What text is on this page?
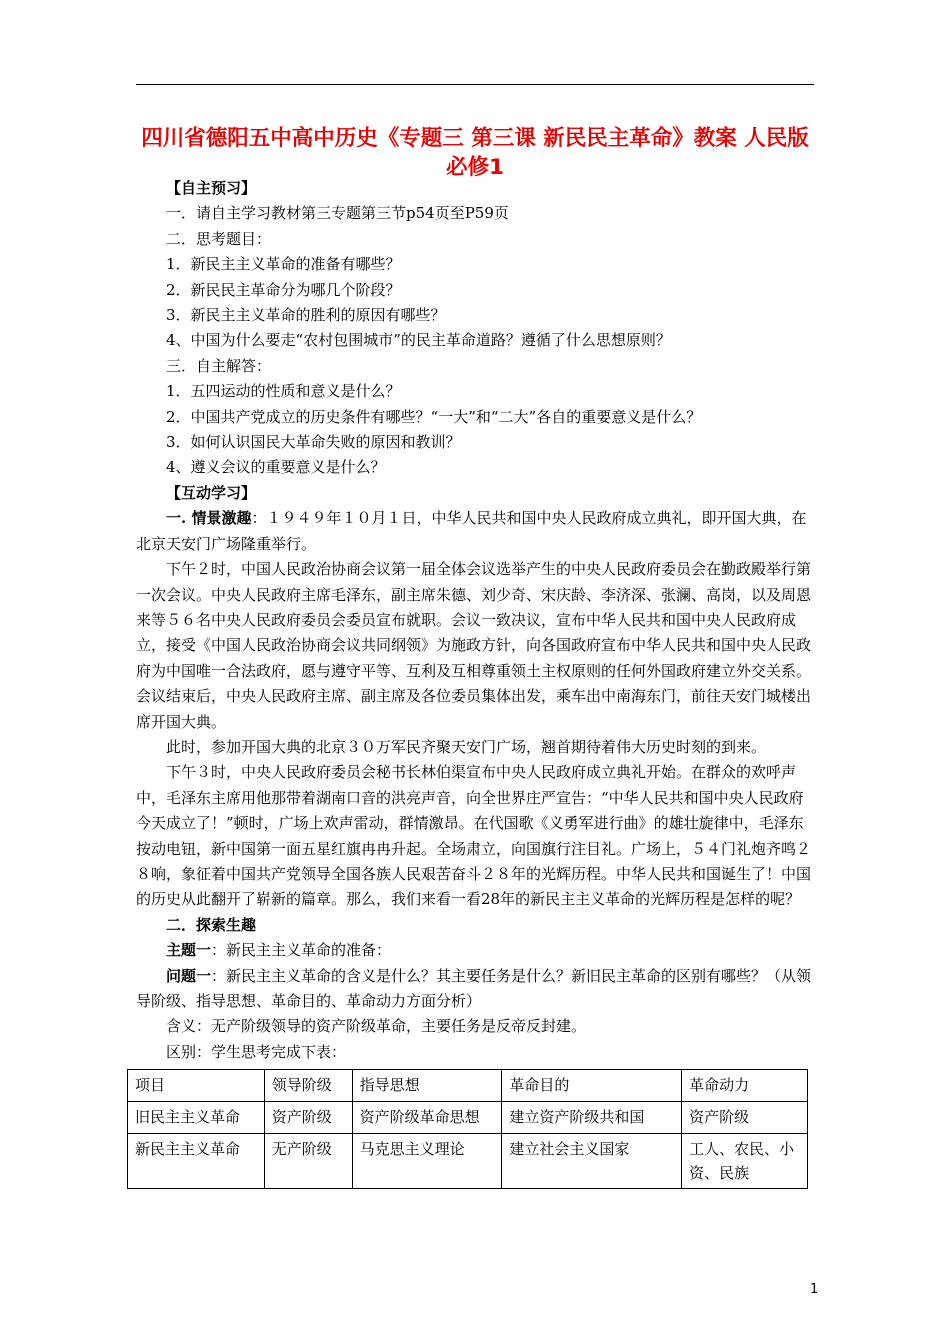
四川省德阳五中高中历史《专题三 第三课 新民民主革命》教案 人民版必修1

【自主预习】

一．请自主学习教材第三专题第三节p54页至P59页

二．思考题目：

1．新民主主义革命的准备有哪些？

2．新民民主革命分为哪几个阶段？

3．新民主主义革命的胜利的原因有哪些？

4、中国为什么要走“农村包围城市”的民主革命道路？遵循了什么思想原则？

三．自主解答：

1．五四运动的性质和意义是什么？

2．中国共产党成立的历史条件有哪些？“一大”和“二大”各自的重要意义是什么？

3．如何认识国民大革命失败的原因和教训？

4、遵义会议的重要意义是什么？

【互动学习】

一. 情景激趣：１９４９年１０月１日，中华人民共和国中央人民政府成立典礼，即开国大典，在北京天安门广场隆重举行。

下午２时，中国人民政治协商会议第一届全体会议选举产生的中央人民政府委员会在勤政殿举行第一次会议。中央人民政府主席毛泽东，副主席朱德、刘少奇、宋庆龄、李济深、张澜、高岗，以及周恩来等５６名中央人民政府委员会委员宣布就职。会议一致决议，宣布中华人民共和国中央人民政府成立，接受《中国人民政治协商会议共同纲领》为施政方针，向各国政府宣布中华人民共和国中央人民政府为中国唯一合法政府，愿与遵守平等、互利及互相尊重领土主权原则的任何外国政府建立外交关系。会议结束后，中央人民政府主席、副主席及各位委员集体出发，乘车出中南海东门，前往天安门城楼出席开国大典。

此时，参加开国大典的北京３０万军民齐聚天安门广场，翘首期待着伟大历史时刻的到来。

下午３时，中央人民政府委员会秘书长林伯渠宣布中央人民政府成立典礼开始。在群众的欢呼声中，毛泽东主席用他那带着湖南口音的洪亮声音，向全世界庄严宣告：“中华人民共和国中央人民政府今天成立了！”顿时，广场上欢声雷动，群情激昂。在代国歌《义勇军进行曲》的雄壮旋律中，毛泽东按动电钮，新中国第一面五星红旗冉冉升起。全场肃立，向国旗行注目礼。广场上，５４门礼炮齐鸣２８响，象征着中国共产党领导全国各族人民艰苦奋斗２８年的光辉历程。中华人民共和国诞生了！中国的历史从此翻开了崭新的篇章。那么，我们来看一看28年的新民主主义革命的光辉历程是怎样的呢？

二．探索生趣

主题一：新民主主义革命的准备：

问题一：新民主主义革命的含义是什么？其主要任务是什么？新旧民主革命的区别有哪些？（从领导阶级、指导思想、革命目的、革命动力方面分析）

含义：无产阶级领导的资产阶级革命，主要任务是反帝反封建。

区别：学生思考完成下表：

项目	领导阶级	指导思想	革命目的	革命动力
旧民主主义革命	资产阶级	资产阶级革命思想	建立资产阶级共和国	资产阶级
新民主主义革命	无产阶级	马克思主义理论	建立社会主义国家	工人、农民、小资、民族
1
